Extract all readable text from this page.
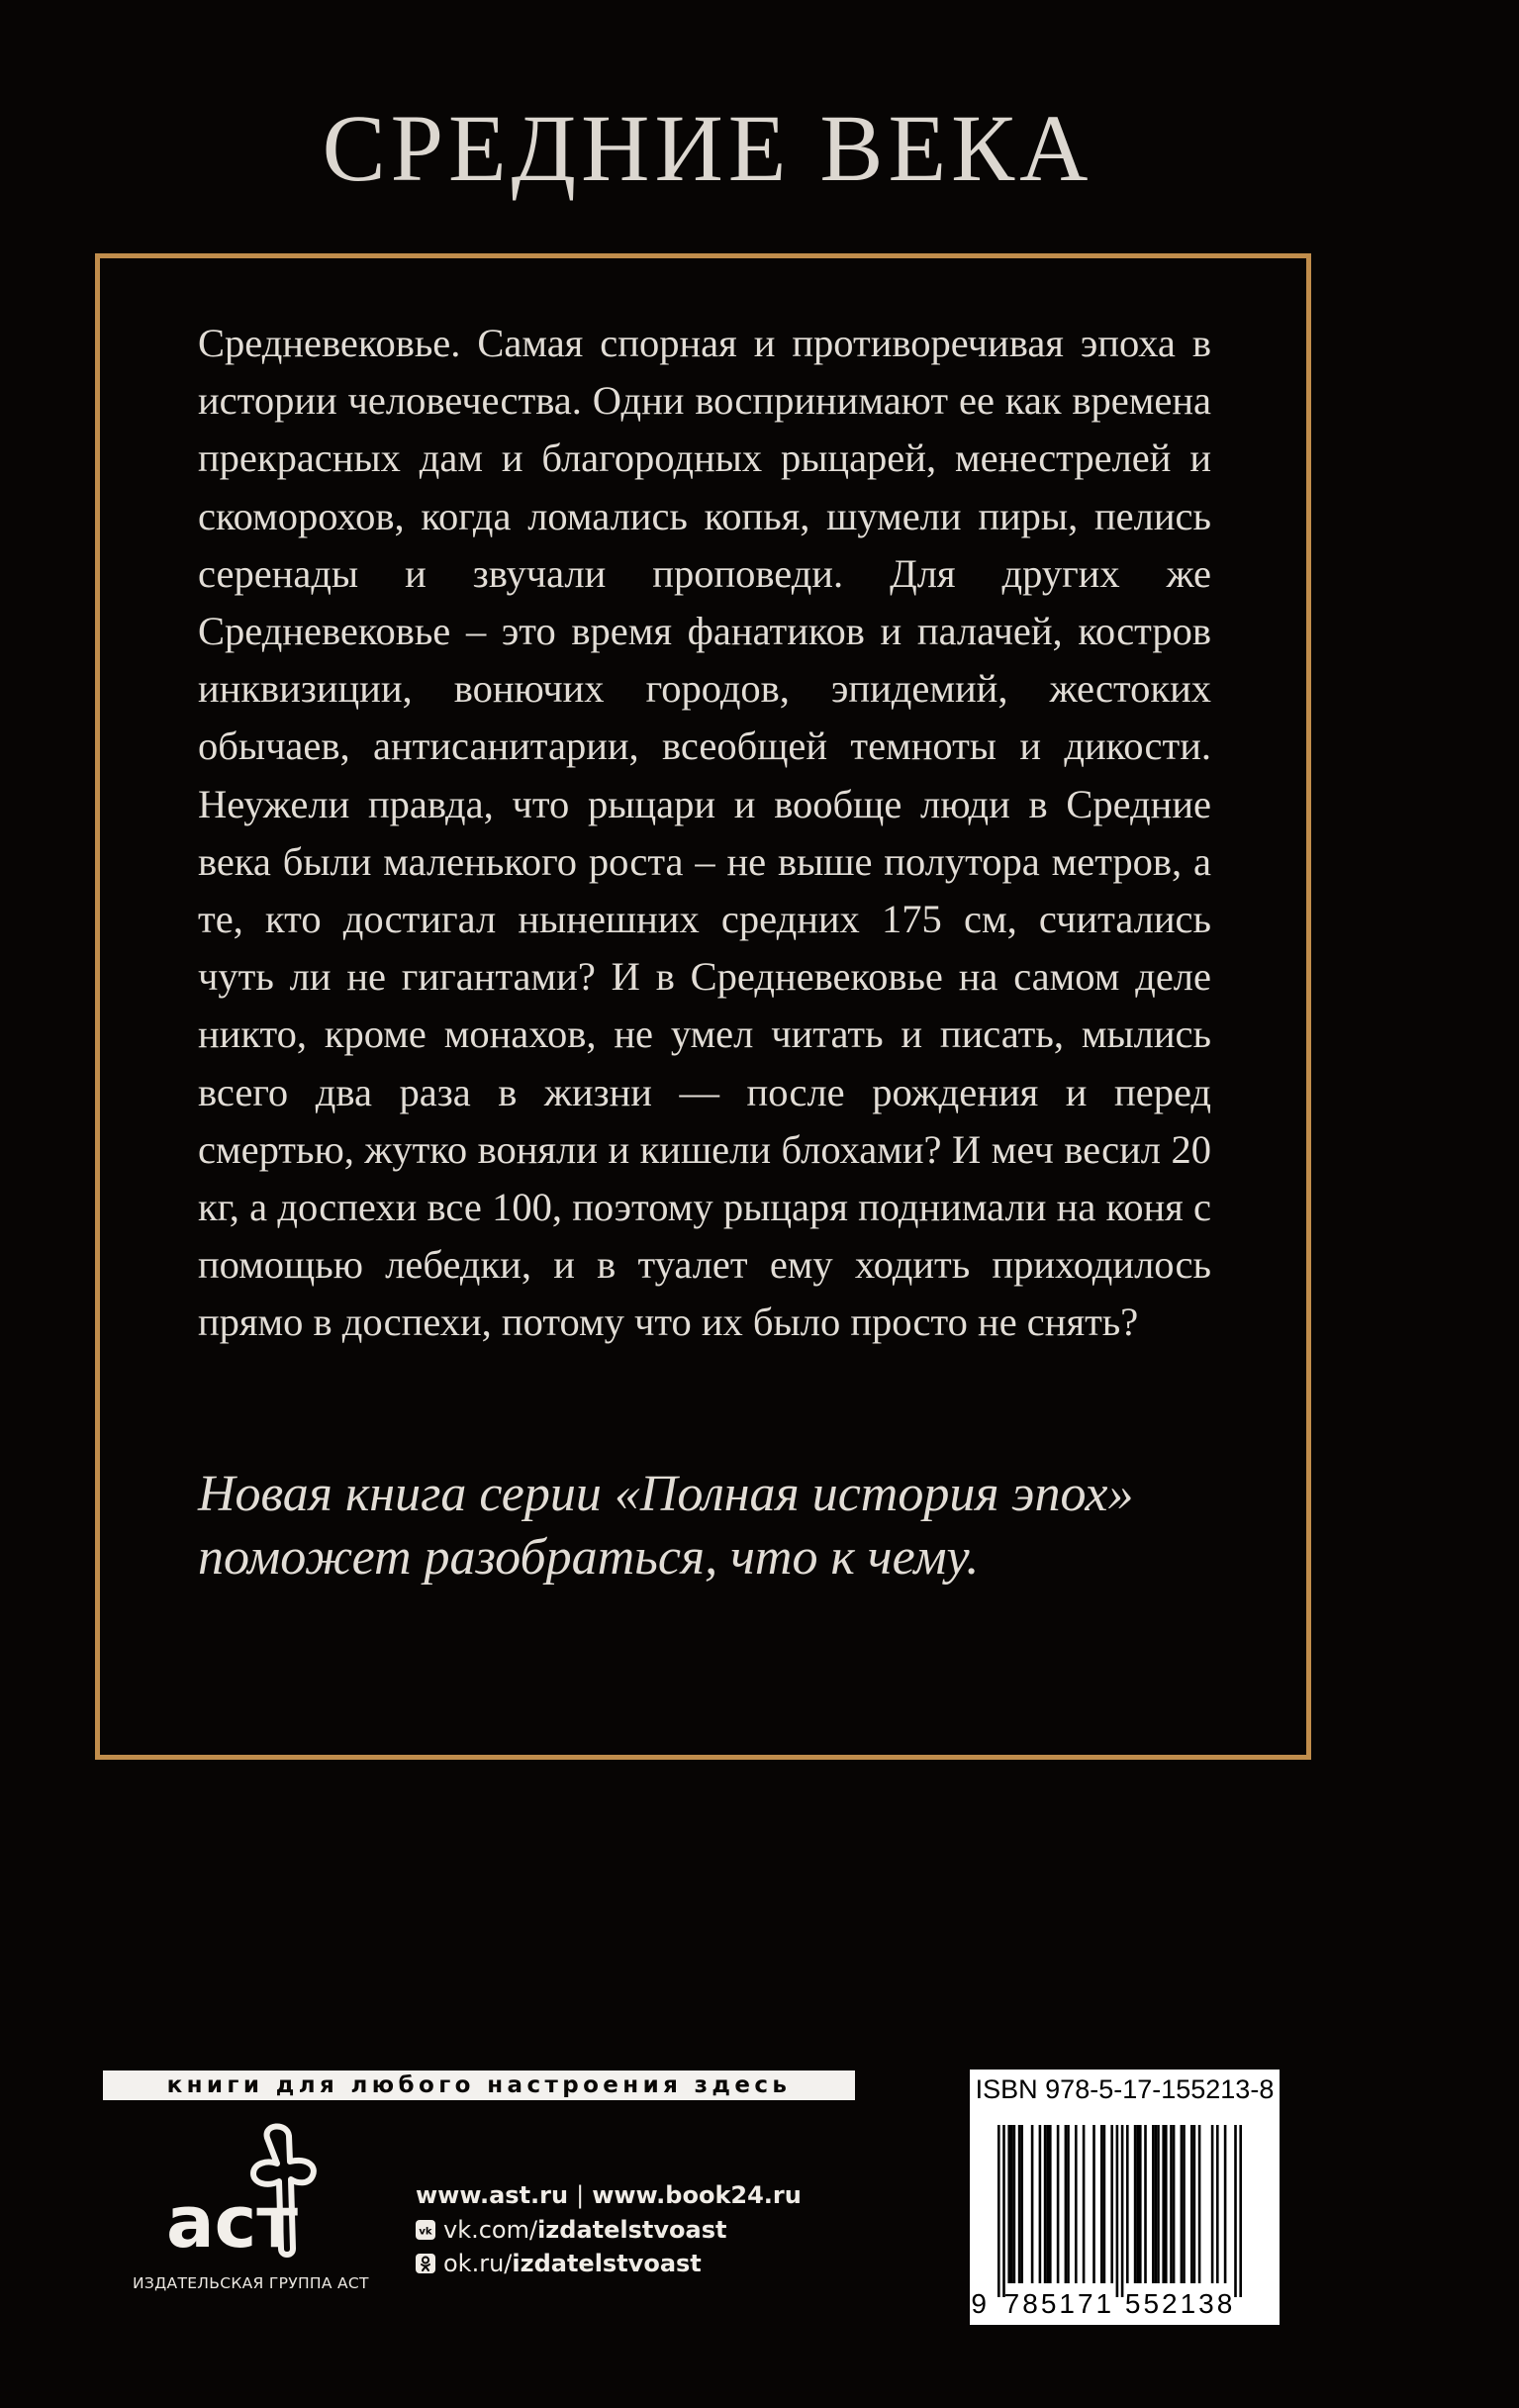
СРЕДНИЕ ВЕКА

Средневековье. Самая спорная и противоречивая эпоха в истории человечества. Одни воспринимают ее как времена прекрасных дам и благородных рыцарей, менестрелей и скоморохов, когда ломались копья, шумели пиры, пелись серенады и звучали проповеди. Для других же Средневековье – это время фанатиков и палачей, костров инквизиции, вонючих городов, эпидемий, жестоких обычаев, антисанитарии, всеобщей темноты и дикости. Неужели правда, что рыцари и вообще люди в Средние века были маленького роста – не выше полутора метров, а те, кто достигал нынешних средних 175 см, считались чуть ли не гигантами? И в Средневековье на самом деле никто, кроме монахов, не умел читать и писать, мылись всего два раза в жизни — после рождения и перед смертью, жутко воняли и кишели блохами? И меч весил 20 кг, а доспехи все 100, поэтому рыцаря поднимали на коня с помощью лебедки, и в туалет ему ходить приходилось прямо в доспехи, потому что их было просто не снять?

Новая книга серии «Полная история эпох» поможет разобраться, что к чему.

книги для любого настроения здесь
аст
ИЗДАТЕЛЬСКАЯ ГРУППА АСТ
www.ast.ru | www.book24.ru
vk vk.com/ izdatelstvoast
ok.ru/ izdatelstvoast
ISBN 978-5-17-155213-8
9 785171 552138
